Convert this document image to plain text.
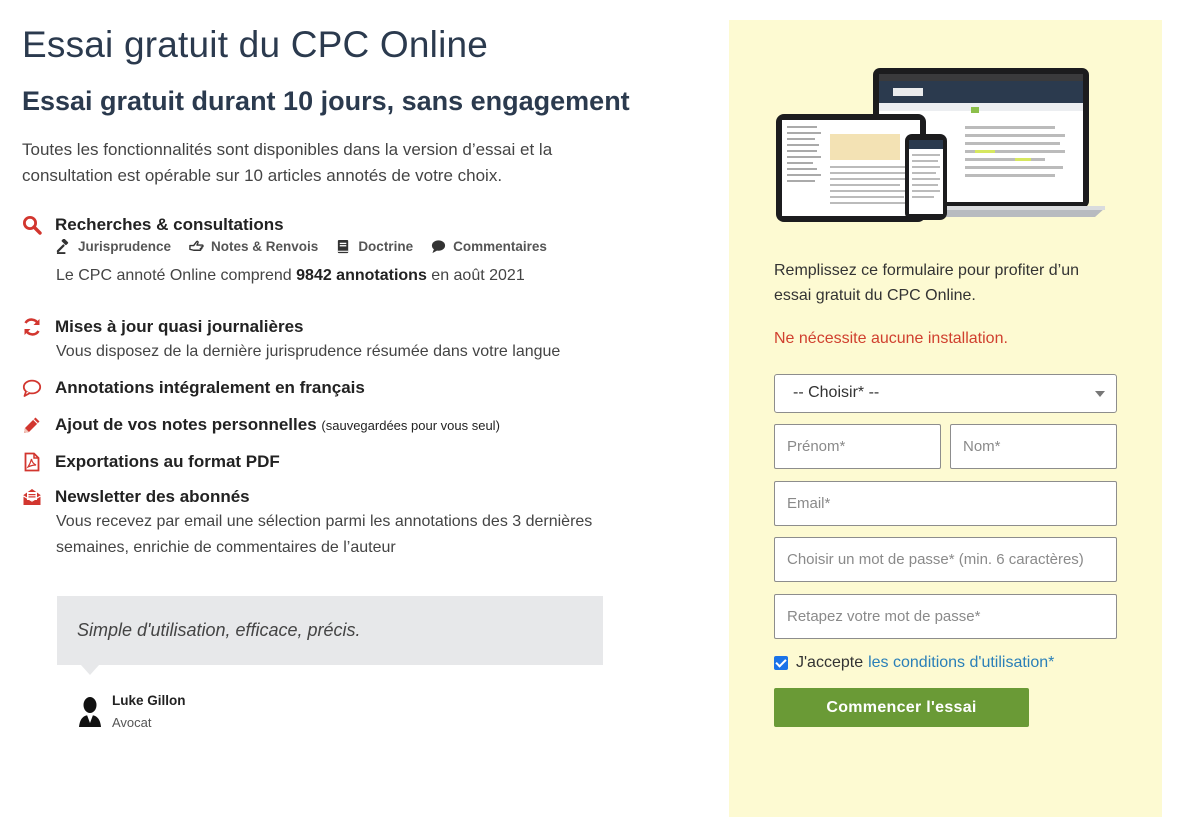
Essai gratuit du CPC Online
Essai gratuit durant 10 jours, sans engagement

Toutes les fonctionnalités sont disponibles dans la version d’essai et la consultation est opérable sur 10 articles annotés de votre choix.

Recherches & consultations
Jurisprudence	Notes & Renvois	Doctrine	Commentaires
Le CPC annoté Online comprend 9842 annotations en août 2021
Mises à jour quasi journalières
Vous disposez de la dernière jurisprudence résumée dans votre langue
Annotations intégralement en français
Ajout de vos notes personnelles (sauvegardées pour vous seul)
Exportations au format PDF
Newsletter des abonnés
Vous recevez par email une sélection parmi les annotations des 3 dernières semaines, enrichie de commentaires de l’auteur
Simple d'utilisation, efficace, précis.
Luke Gillon
Avocat

Remplissez ce formulaire pour profiter d’un essai gratuit du CPC Online.

Ne nécessite aucune installation.

-- Choisir* --
Prénom*
Nom*
Email*
J'accepte les conditions d'utilisation*
Commencer l'essai
